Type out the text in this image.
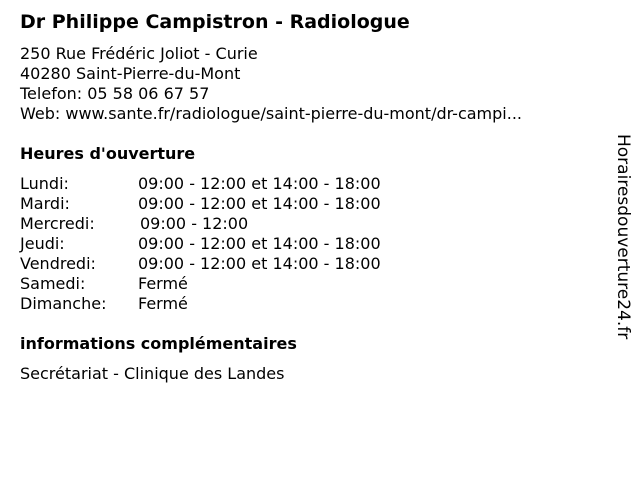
Dr Philippe Campistron - Radiologue
250 Rue Frédéric Joliot - Curie
40280 Saint-Pierre-du-Mont
Telefon: 05 58 06 67 57
Web: www.sante.fr/radiologue/saint-pierre-du-mont/dr-campi...
Heures d'ouverture
Lundi:	09:00 - 12:00 et 14:00 - 18:00
Mardi:	09:00 - 12:00 et 14:00 - 18:00
Mercredi:	09:00 - 12:00
Jeudi:	09:00 - 12:00 et 14:00 - 18:00
Vendredi:	09:00 - 12:00 et 14:00 - 18:00
Samedi:	Fermé
Dimanche: Fermé
informations complémentaires
Secrétariat - Clinique des Landes
Horairesdouverture24.fr
